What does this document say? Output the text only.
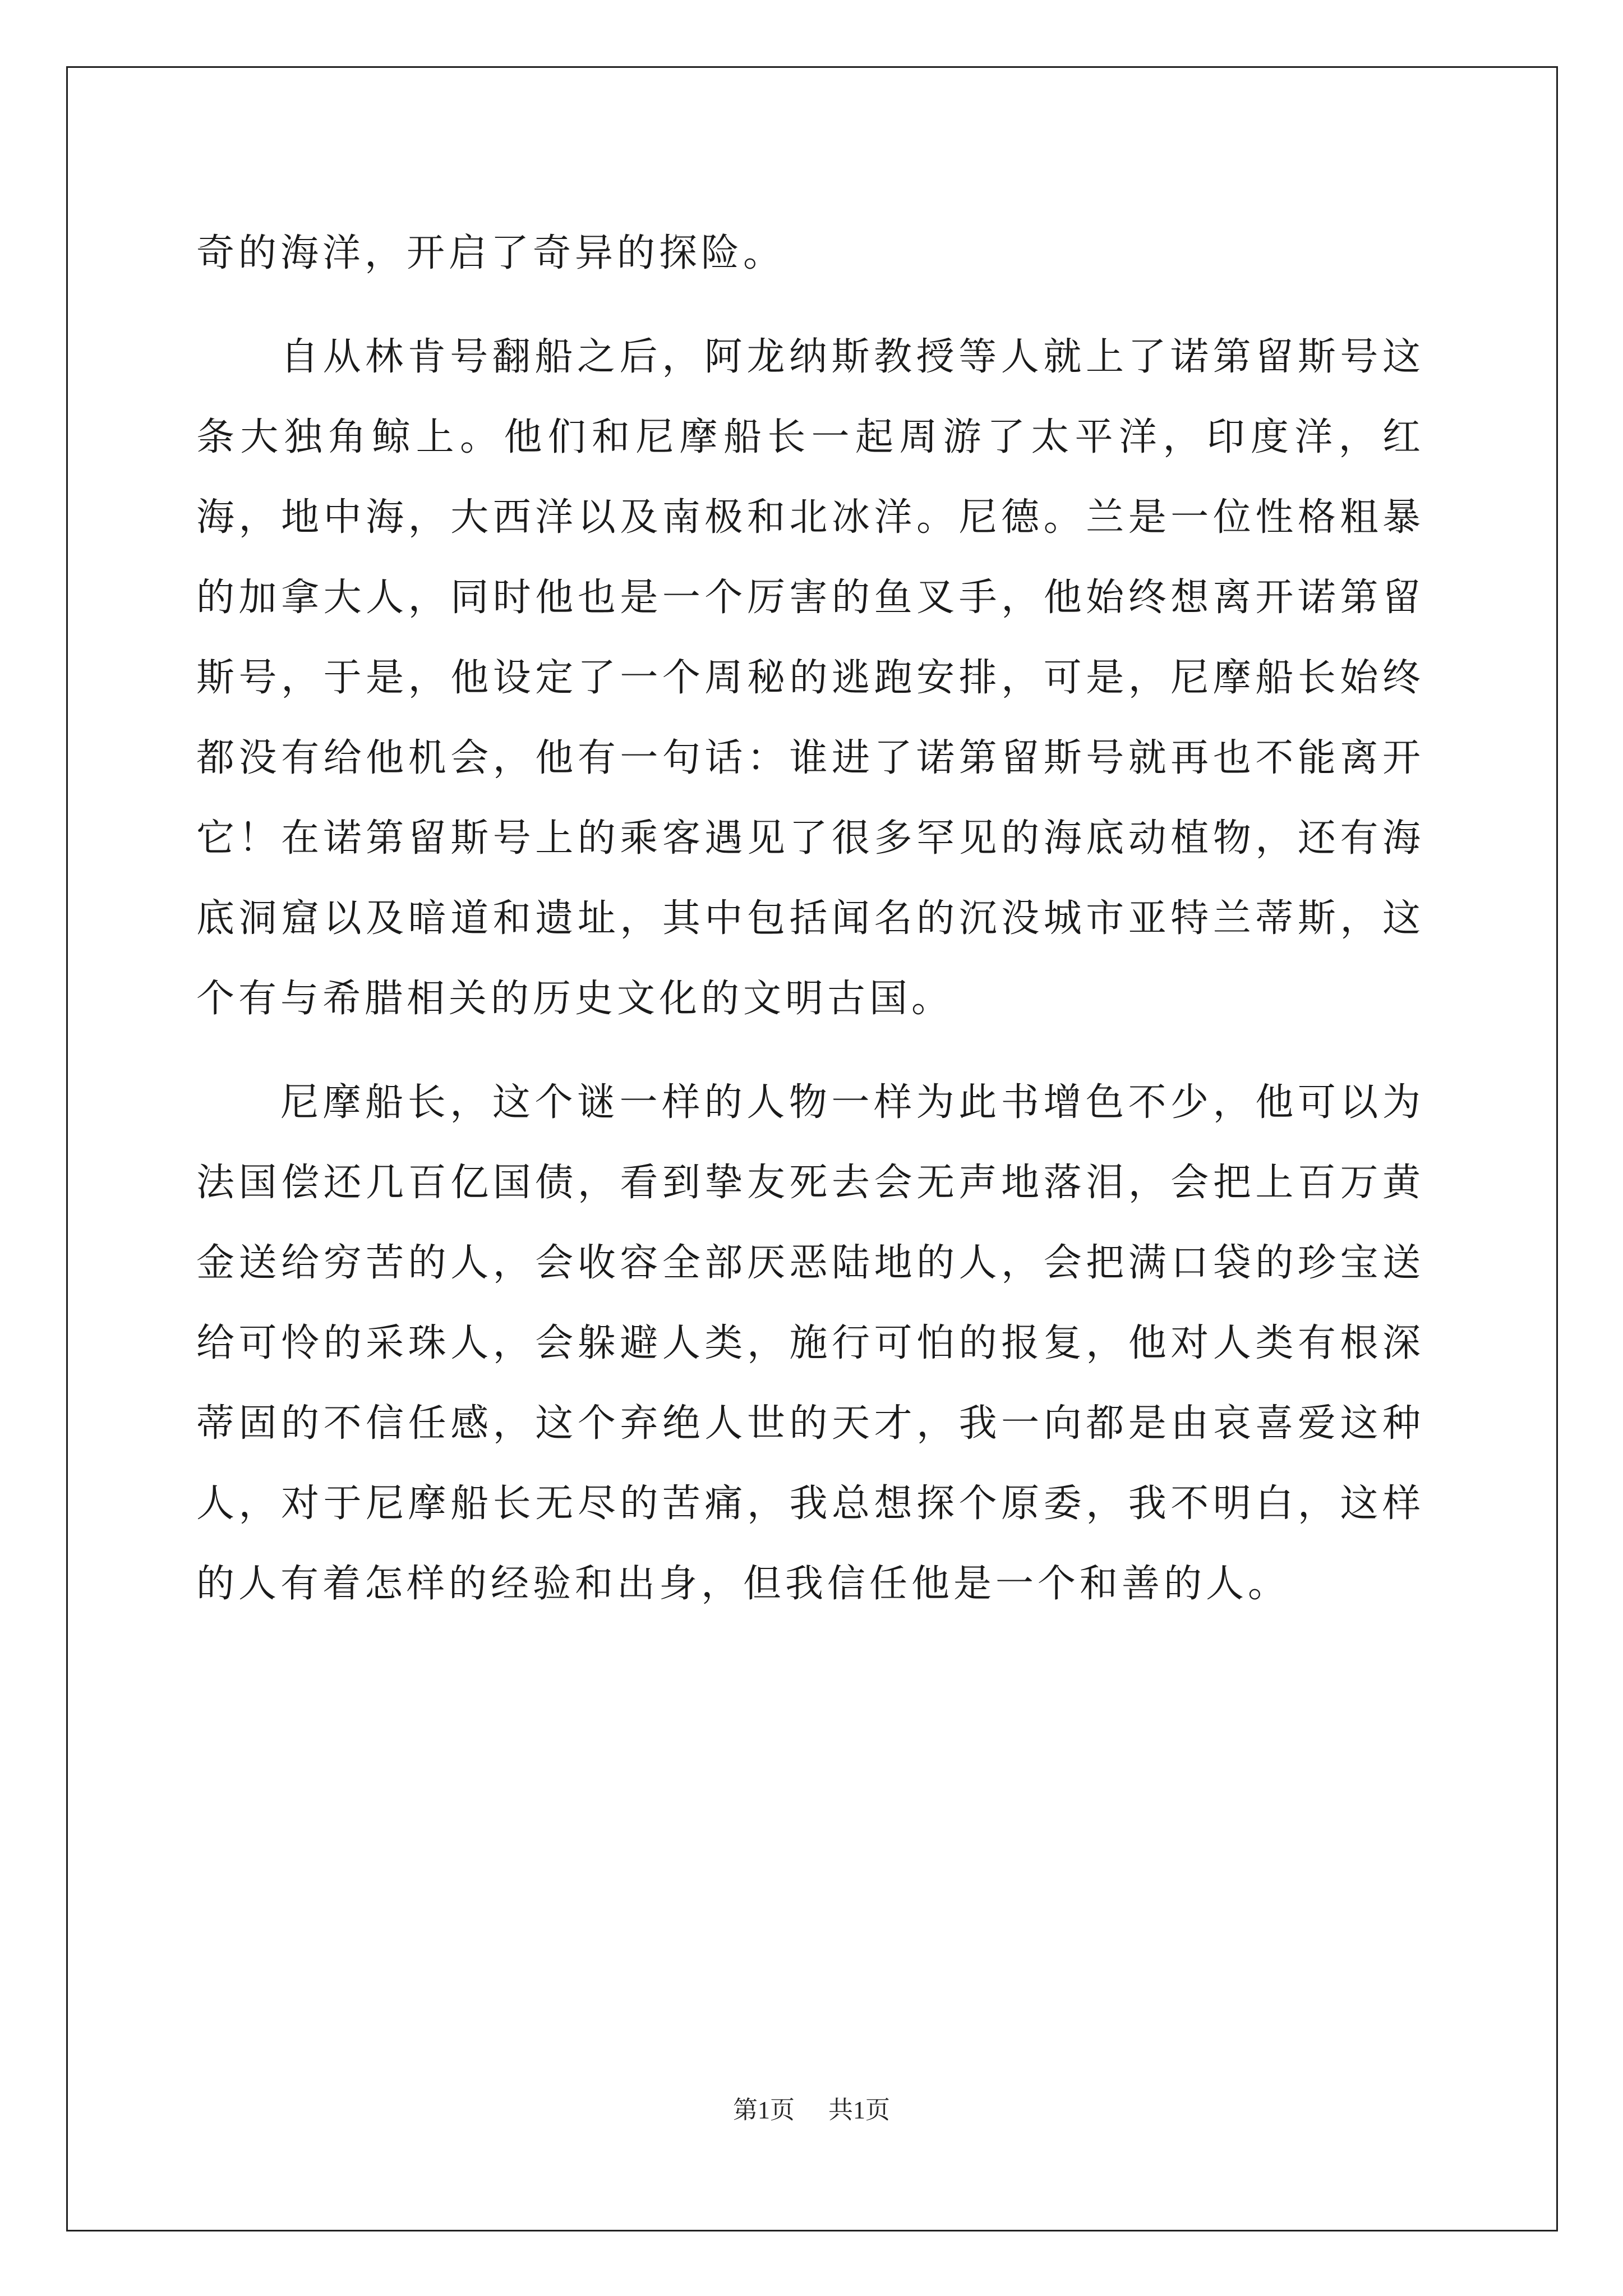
奇的海洋，开启了奇异的探险。

自从林肯号翻船之后，阿龙纳斯教授等人就上了诺第留斯号这条大独角鲸上。他们和尼摩船长一起周游了太平洋，印度洋，红海，地中海，大西洋以及南极和北冰洋。尼德。兰是一位性格粗暴的加拿大人，同时他也是一个厉害的鱼叉手，他始终想离开诺第留斯号，于是，他设定了一个周秘的逃跑安排，可是，尼摩船长始终都没有给他机会，他有一句话：谁进了诺第留斯号就再也不能离开它！在诺第留斯号上的乘客遇见了很多罕见的海底动植物，还有海底洞窟以及暗道和遗址，其中包括闻名的沉没城市亚特兰蒂斯，这个有与希腊相关的历史文化的文明古国。

尼摩船长，这个谜一样的人物一样为此书增色不少，他可以为法国偿还几百亿国债，看到挚友死去会无声地落泪，会把上百万黄金送给穷苦的人，会收容全部厌恶陆地的人，会把满口袋的珍宝送给可怜的采珠人，会躲避人类，施行可怕的报复，他对人类有根深蒂固的不信任感，这个弃绝人世的天才，我一向都是由哀喜爱这种人，对于尼摩船长无尽的苦痛，我总想探个原委，我不明白，这样的人有着怎样的经验和出身，但我信任他是一个和善的人。

第1页 共1页
